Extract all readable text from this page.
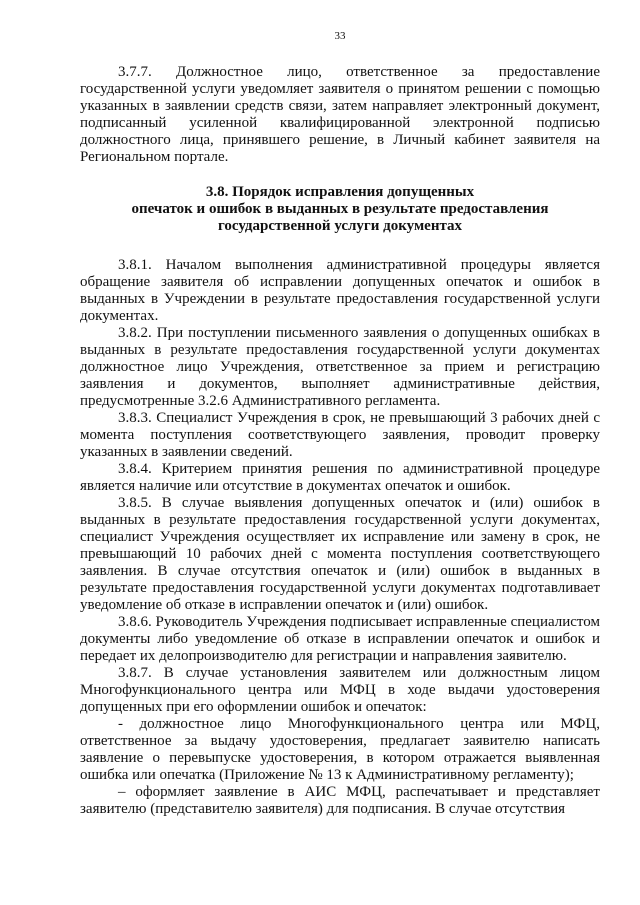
33

3.7.7. Должностное лицо, ответственное за предоставление государственной услуги уведомляет заявителя о принятом решении с помощью указанных в заявлении средств связи, затем направляет электронный документ, подписанный усиленной квалифицированной электронной подписью должностного лица, принявшего решение, в Личный кабинет заявителя на Региональном портале.

3.8. Порядок исправления допущенных
опечаток и ошибок в выданных в результате предоставления
государственной услуги документах

3.8.1. Началом выполнения административной процедуры является обращение заявителя об исправлении допущенных опечаток и ошибок в выданных в Учреждении в результате предоставления государственной услуги документах.

3.8.2. При поступлении письменного заявления о допущенных ошибках в выданных в результате предоставления государственной услуги документах должностное лицо Учреждения, ответственное за прием и регистрацию заявления и документов, выполняет административные действия, предусмотренные 3.2.6 Административного регламента.

3.8.3. Специалист Учреждения в срок, не превышающий 3 рабочих дней с момента поступления соответствующего заявления, проводит проверку указанных в заявлении сведений.

3.8.4. Критерием принятия решения по административной процедуре является наличие или отсутствие в документах опечаток и ошибок.

3.8.5. В случае выявления допущенных опечаток и (или) ошибок в выданных в результате предоставления государственной услуги документах, специалист Учреждения осуществляет их исправление или замену в срок, не превышающий 10 рабочих дней с момента поступления соответствующего заявления. В случае отсутствия опечаток и (или) ошибок в выданных в результате предоставления государственной услуги документах подготавливает уведомление об отказе в исправлении опечаток и (или) ошибок.

3.8.6. Руководитель Учреждения подписывает исправленные специалистом документы либо уведомление об отказе в исправлении опечаток и ошибок и передает их делопроизводителю для регистрации и направления заявителю.

3.8.7. В случае установления заявителем или должностным лицом Многофункционального центра или МФЦ в ходе выдачи удостоверения допущенных при его оформлении ошибок и опечаток:

- должностное лицо Многофункционального центра или МФЦ, ответственное за выдачу удостоверения, предлагает заявителю написать заявление о перевыпуске удостоверения, в котором отражается выявленная ошибка или опечатка (Приложение № 13 к Административному регламенту);

– оформляет заявление в АИС МФЦ, распечатывает и представляет заявителю (представителю заявителя) для подписания. В случае отсутствия
